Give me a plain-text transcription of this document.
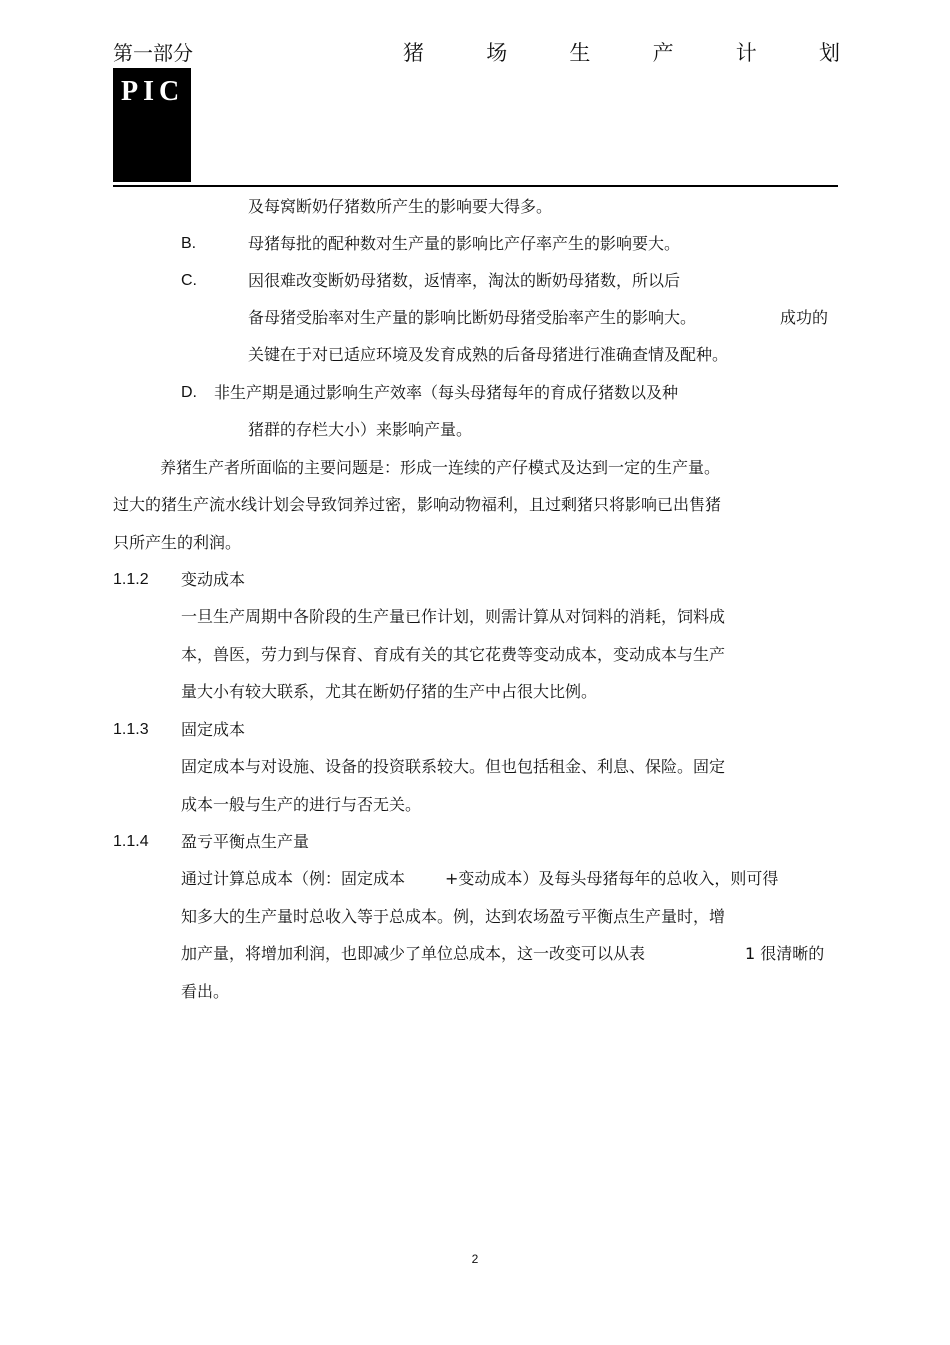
第一部分	猪	场	生	产	计	划
PIC
及每窝断奶仔猪数所产生的影响要大得多。
B.	母猪每批的配种数对生产量的影响比产仔率产生的影响要大。
C.	因很难改变断奶母猪数，返情率，淘汰的断奶母猪数，所以后
备母猪受胎率对生产量的影响比断奶母猪受胎率产生的影响大。	成功的
关键在于对已适应环境及发育成熟的后备母猪进行准确查情及配种。
D. 非生产期是通过影响生产效率（每头母猪每年的育成仔猪数以及种
猪群的存栏大小）来影响产量。
养猪生产者所面临的主要问题是：形成一连续的产仔模式及达到一定的生产量。
过大的猪生产流水线计划会导致饲养过密，影响动物福利，且过剩猪只将影响已出售猪
只所产生的利润。
1.1.2 变动成本
一旦生产周期中各阶段的生产量已作计划，则需计算从对饲料的消耗，饲料成
本，兽医，劳力到与保育、育成有关的其它花费等变动成本，变动成本与生产
量大小有较大联系，尤其在断奶仔猪的生产中占很大比例。
1.1.3 固定成本
固定成本与对设施、设备的投资联系较大。但也包括租金、利息、保险。固定
成本一般与生产的进行与否无关。
1.1.4 盈亏平衡点生产量
通过计算总成本（例：固定成本 +变动成本）及每头母猪每年的总收入，则可得
知多大的生产量时总收入等于总成本。例，达到农场盈亏平衡点生产量时，增
加产量，将增加利润，也即减少了单位总成本，这一改变可以从表	1 很清晰的
看出。
2
